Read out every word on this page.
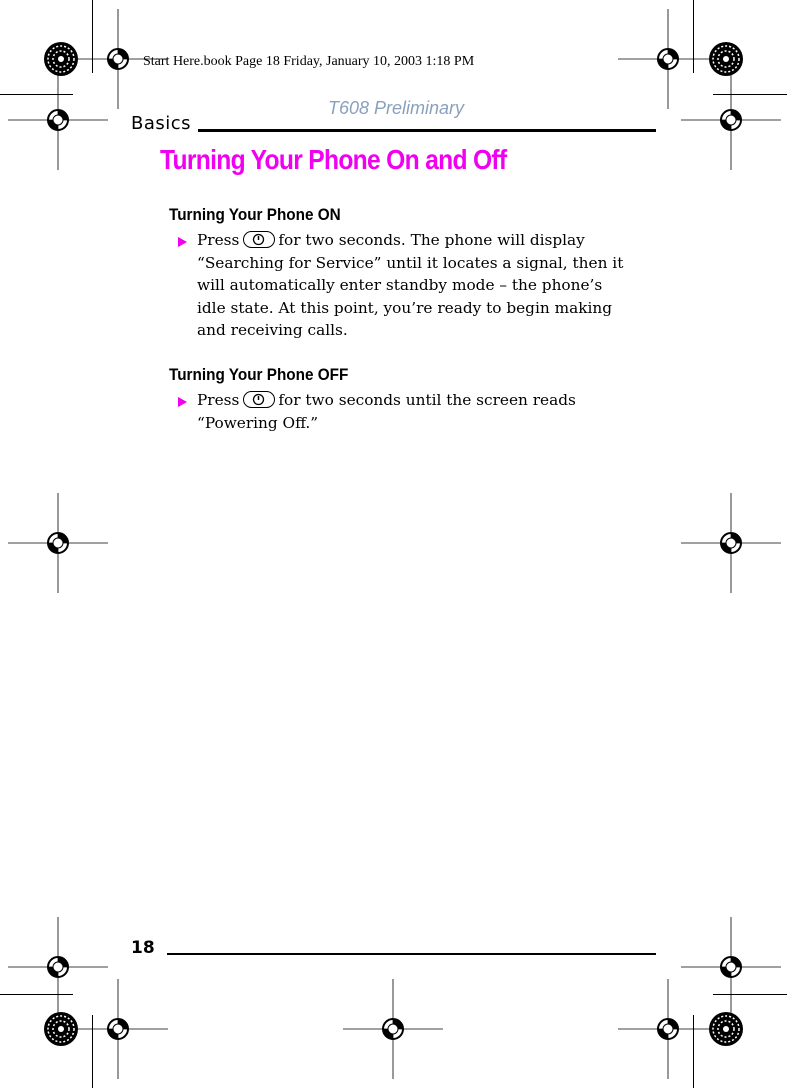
Start Here.book Page 18 Friday, January 10, 2003 1:18 PM
T608 Preliminary
Basics
Turning Your Phone On and Off
Turning Your Phone ON
Press	for two seconds. The phone will display
“Searching for Service” until it locates a signal, then it
will automatically enter standby mode – the phone’s
idle state. At this point, you’re ready to begin making
and receiving calls.
Turning Your Phone OFF
Press	for two seconds until the screen reads
“Powering Off.”
18
